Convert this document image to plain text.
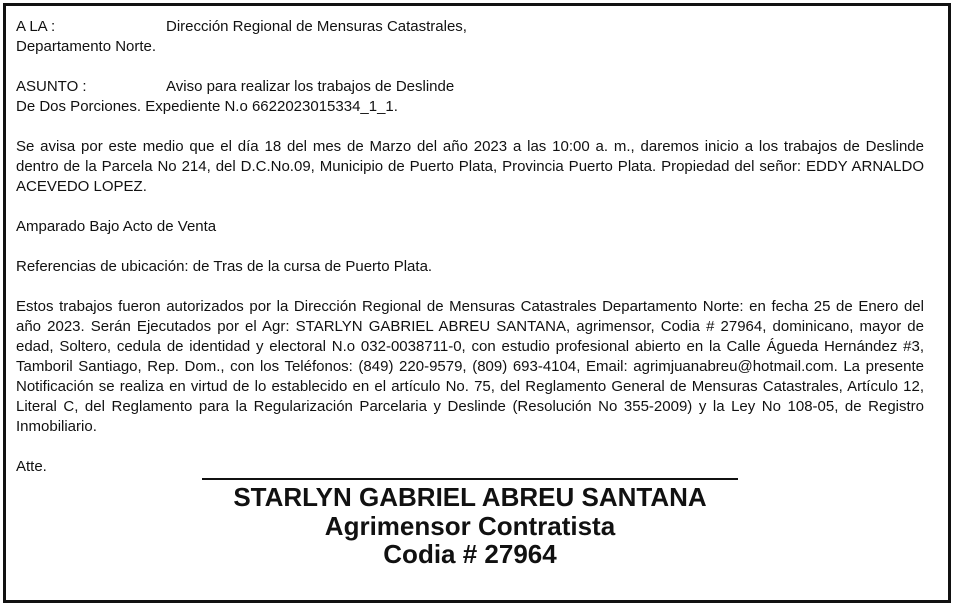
A LA :	Dirección Regional de Mensuras Catastrales,
Departamento Norte.
ASUNTO :	Aviso para realizar los trabajos de Deslinde
De Dos Porciones. Expediente N.o 6622023015334_1_1.

Se avisa por este medio que el día 18 del mes de Marzo del año 2023 a las 10:00 a. m., daremos inicio a los trabajos de Deslinde dentro de la Parcela No 214, del D.C.No.09, Municipio de Puerto Plata, Provincia Puerto Plata. Propiedad del señor: EDDY ARNALDO ACEVEDO LOPEZ.

Amparado Bajo Acto de Venta

Referencias de ubicación: de Tras de la cursa de Puerto Plata.

Estos trabajos fueron autorizados por la Dirección Regional de Mensuras Catastrales Departamento Norte: en fecha 25 de Enero del año 2023. Serán Ejecutados por el Agr: STARLYN GABRIEL ABREU SANTANA, agrimensor, Codia # 27964, dominicano, mayor de edad, Soltero, cedula de identidad y electoral N.o 032-0038711-0, con estudio profesional abierto en la Calle Águeda Hernández #3, Tamboril Santiago, Rep. Dom., con los Teléfonos: (849) 220-9579, (809) 693-4104, Email: agrimjuanabreu@hotmail.com. La presente Notificación se realiza en virtud de lo establecido en el artículo No. 75, del Reglamento General de Mensuras Catastrales, Artículo 12, Literal C, del Reglamento para la Regularización Parcelaria y Deslinde (Resolución No 355-2009) y la Ley No 108-05, de Registro Inmobiliario.

Atte.

STARLYN GABRIEL ABREU SANTANA
Agrimensor Contratista
Codia # 27964
